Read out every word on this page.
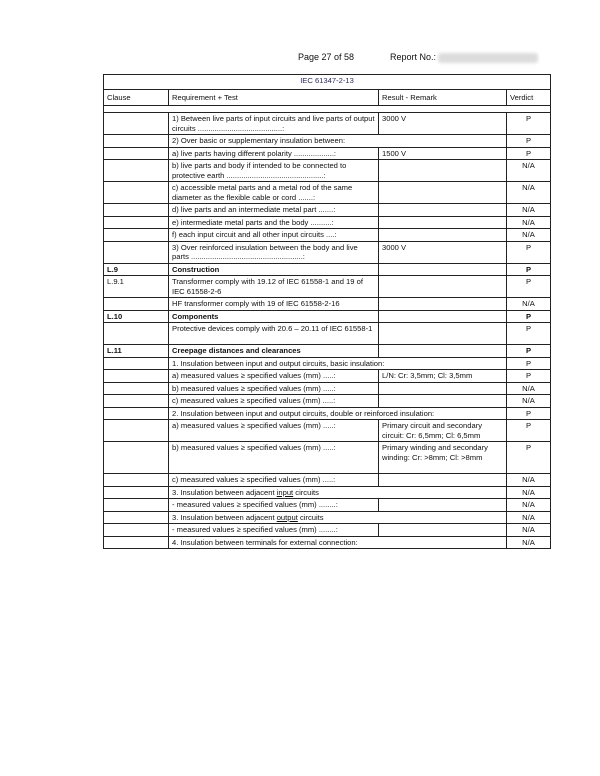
Page 27 of 58	Report No.:
IEC 61347-2-13			
Clause	Requirement + Test	Result - Remark	Verdict

	1) Between live parts of input circuits and live parts of output circuits ........................................:	3000 V	P
	2) Over basic or supplementary insulation between:		P
	a) live parts having different polarity ...................:	1500 V	P
	b) live parts and body if intended to be connected to protective earth ..............................................:		N/A
	c) accessible metal parts and a metal rod of the same diameter as the flexible cable or cord .......:		N/A
	d) live parts and an intermediate metal part .......:		N/A
	e) intermediate metal parts and the body ..........:		N/A
	f) each input circuit and all other input circuits ....:		N/A
	3) Over reinforced insulation between the body and live parts .....................................................:	3000 V	P
L.9	Construction		P
L.9.1	Transformer comply with 19.12 of IEC 61558-1 and 19 of IEC 61558-2-6		P
	HF transformer comply with 19 of IEC 61558-2-16		N/A
L.10	Components		P
	Protective devices comply with 20.6 – 20.11 of IEC 61558-1		P
L.11	Creepage distances and clearances		P
	1. Insulation between input and output circuits, basic insulation:		P
	a) measured values ≥ specified values (mm) .....:	L/N: Cr: 3,5mm; Cl: 3,5mm	P
	b) measured values ≥ specified values (mm) .....:		N/A
	c) measured values ≥ specified values (mm) .....:		N/A
	2. Insulation between input and output circuits, double or reinforced insulation:		P
	a) measured values ≥ specified values (mm) .....:	Primary circuit and secondary circuit: Cr: 6,5mm; Cl: 6,5mm	P
	b) measured values ≥ specified values (mm) .....:	Primary winding and secondary winding: Cr: >8mm; Cl: >8mm	P
	c) measured values ≥ specified values (mm) .....:		N/A
	3. Insulation between adjacent input circuits		N/A
	- measured values ≥ specified values (mm) ........:		N/A
	3. Insulation between adjacent output circuits		N/A
	- measured values ≥ specified values (mm) ........:		N/A
	4. Insulation between terminals for external connection:		N/A
